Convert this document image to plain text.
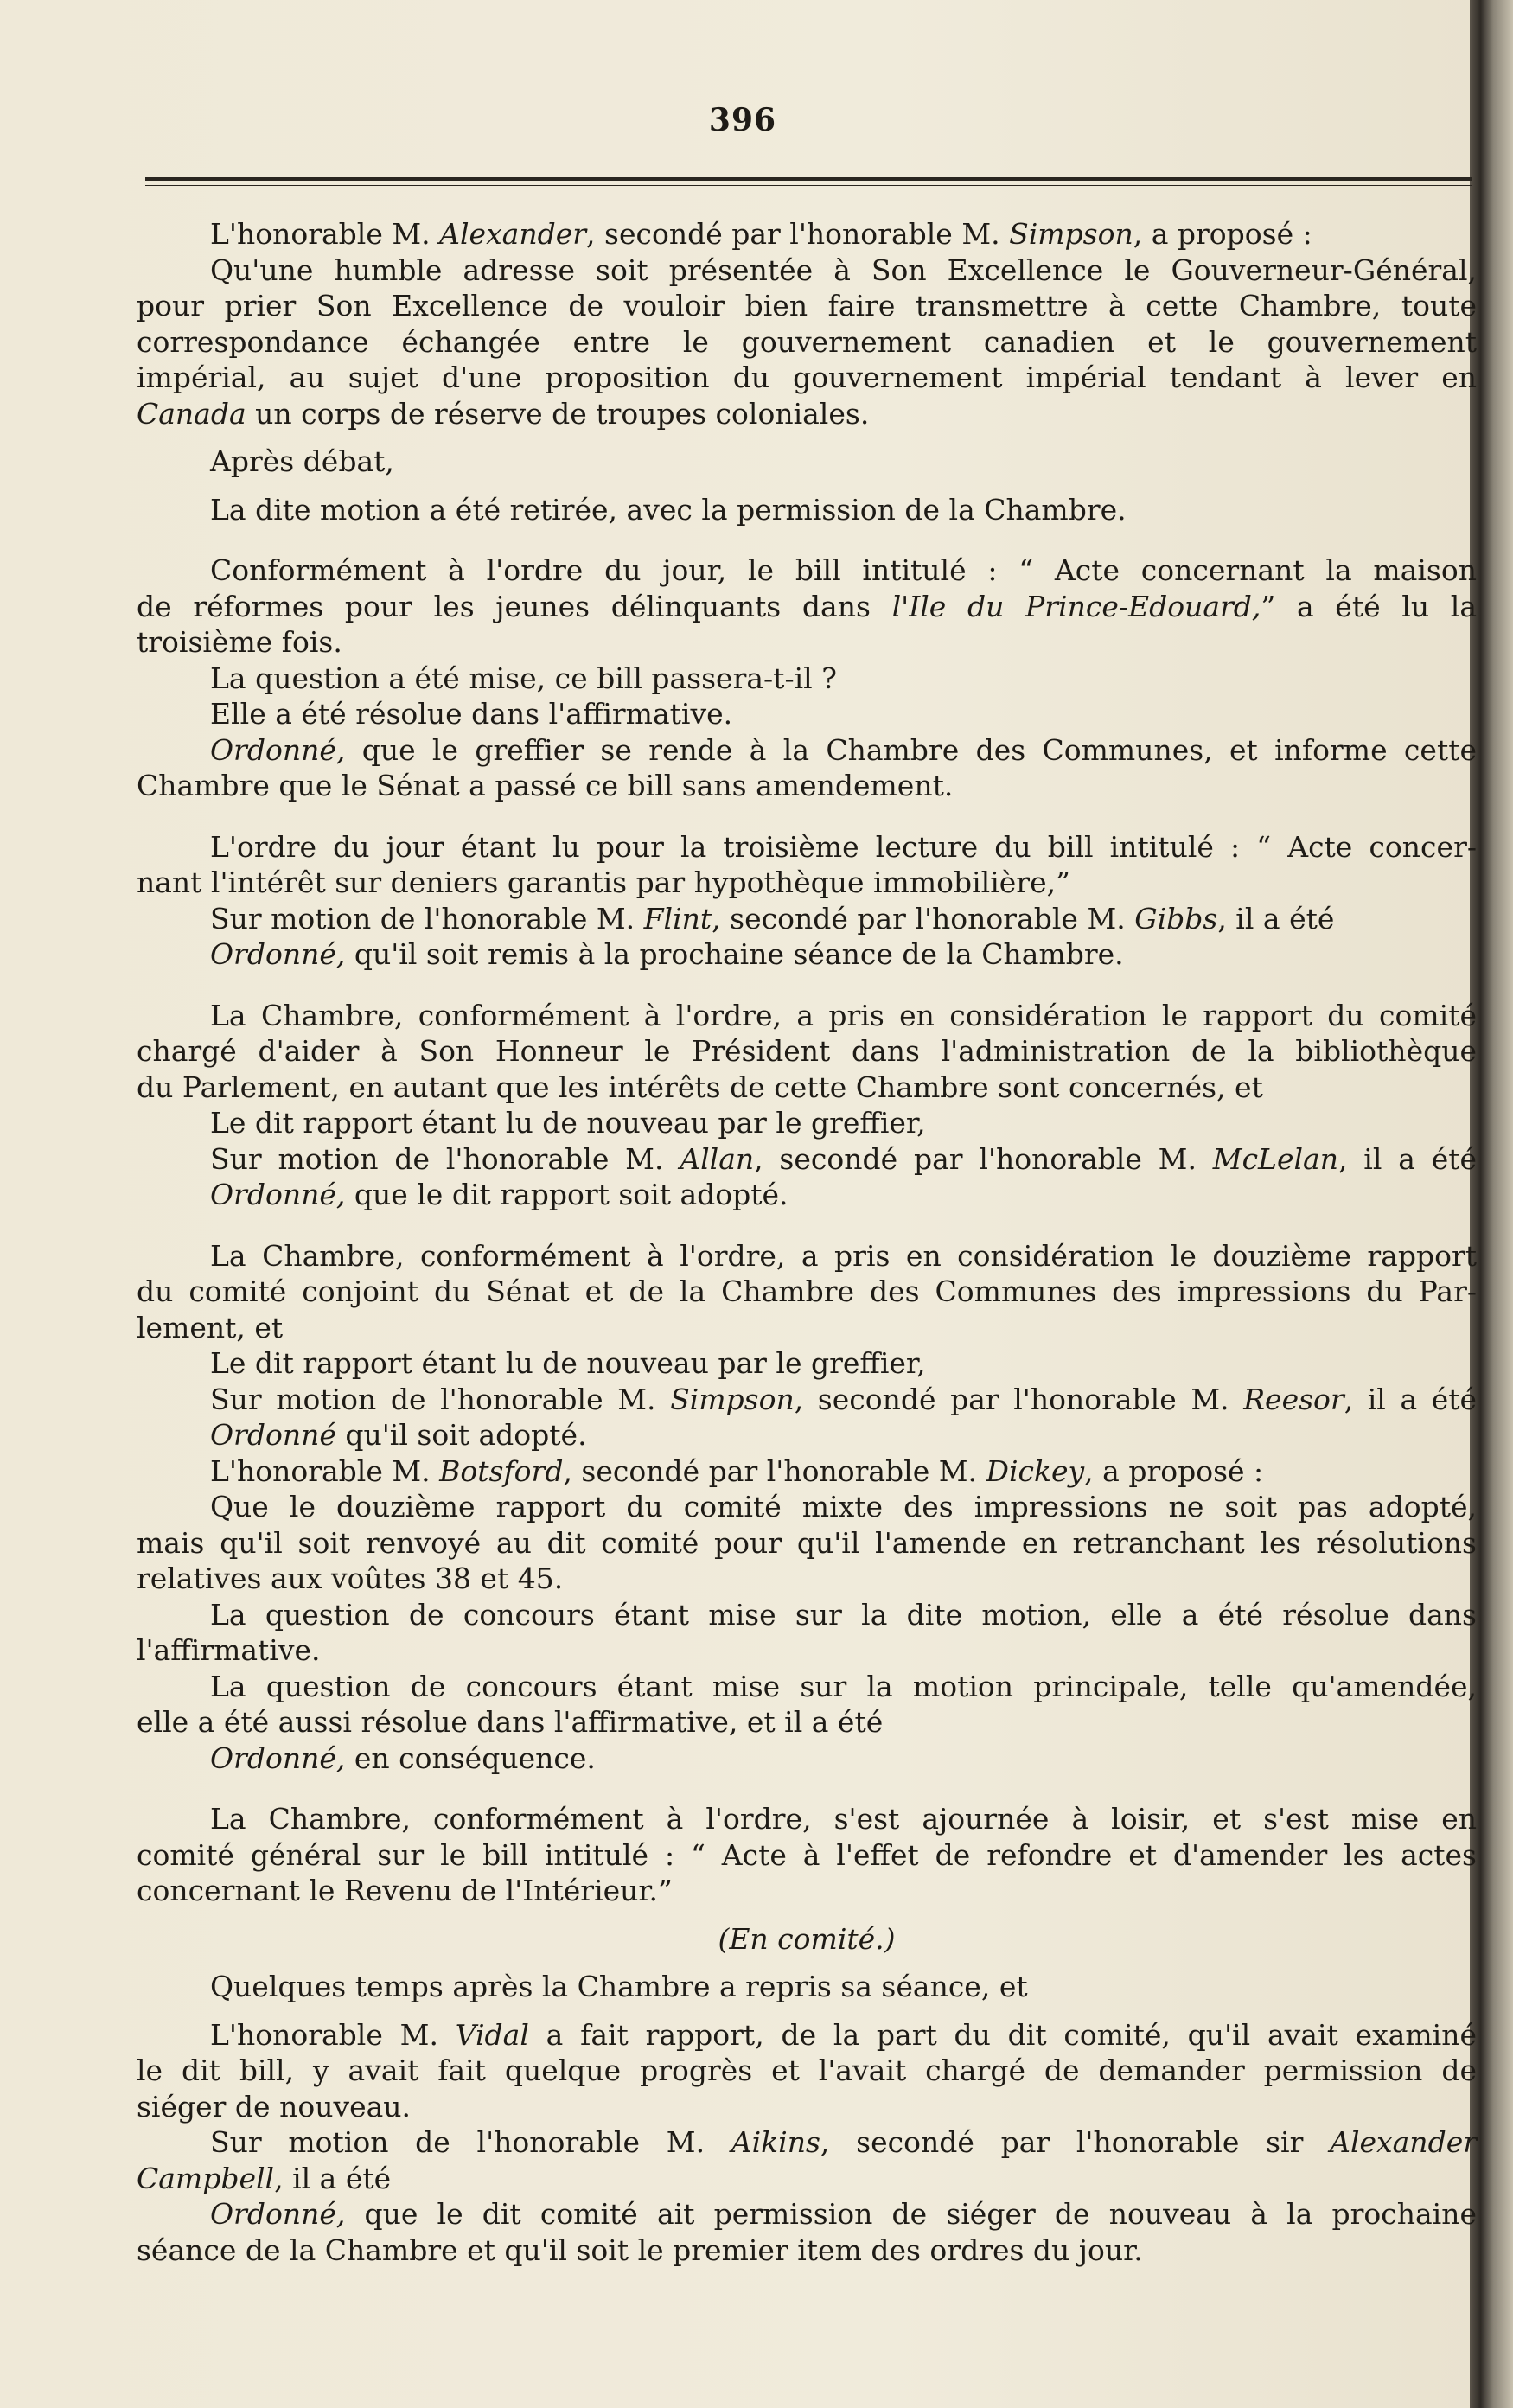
396

L'honorable M. Alexander, secondé par l'honorable M. Simpson, a proposé :

Qu'une humble adresse soit présentée à Son Excellence le Gouverneur-Général,

pour prier Son Excellence de vouloir bien faire transmettre à cette Chambre, toute

correspondance échangée entre le gouvernement canadien et le gouvernement

impérial, au sujet d'une proposition du gouvernement impérial tendant à lever en

Canada un corps de réserve de troupes coloniales.

Après débat,

La dite motion a été retirée, avec la permission de la Chambre.

Conformément à l'ordre du jour, le bill intitulé : “ Acte concernant la maison

de réformes pour les jeunes délinquants dans l'Ile du Prince-Edouard,” a été lu la

troisième fois.

La question a été mise, ce bill passera-t-il ?

Elle a été résolue dans l'affirmative.

Ordonné, que le greffier se rende à la Chambre des Communes, et informe cette

Chambre que le Sénat a passé ce bill sans amendement.

L'ordre du jour étant lu pour la troisième lecture du bill intitulé : “ Acte concer-

nant l'intérêt sur deniers garantis par hypothèque immobilière,”

Sur motion de l'honorable M. Flint, secondé par l'honorable M. Gibbs, il a été

Ordonné, qu'il soit remis à la prochaine séance de la Chambre.

La Chambre, conformément à l'ordre, a pris en considération le rapport du comité

chargé d'aider à Son Honneur le Président dans l'administration de la bibliothèque

du Parlement, en autant que les intérêts de cette Chambre sont concernés, et

Le dit rapport étant lu de nouveau par le greffier,

Sur motion de l'honorable M. Allan, secondé par l'honorable M. McLelan, il a été

Ordonné, que le dit rapport soit adopté.

La Chambre, conformément à l'ordre, a pris en considération le douzième rapport

du comité conjoint du Sénat et de la Chambre des Communes des impressions du Par-

lement, et

Le dit rapport étant lu de nouveau par le greffier,

Sur motion de l'honorable M. Simpson, secondé par l'honorable M. Reesor, il a été

Ordonné qu'il soit adopté.

L'honorable M. Botsford, secondé par l'honorable M. Dickey, a proposé :

Que le douzième rapport du comité mixte des impressions ne soit pas adopté,

mais qu'il soit renvoyé au dit comité pour qu'il l'amende en retranchant les résolutions

relatives aux voûtes 38 et 45.

La question de concours étant mise sur la dite motion, elle a été résolue dans

l'affirmative.

La question de concours étant mise sur la motion principale, telle qu'amendée,

elle a été aussi résolue dans l'affirmative, et il a été

Ordonné, en conséquence.

La Chambre, conformément à l'ordre, s'est ajournée à loisir, et s'est mise en

comité général sur le bill intitulé : “ Acte à l'effet de refondre et d'amender les actes

concernant le Revenu de l'Intérieur.”

(En comité.)

Quelques temps après la Chambre a repris sa séance, et

L'honorable M. Vidal a fait rapport, de la part du dit comité, qu'il avait examiné

le dit bill, y avait fait quelque progrès et l'avait chargé de demander permission de

siéger de nouveau.

Sur motion de l'honorable M. Aikins, secondé par l'honorable sir Alexander

Campbell, il a été

Ordonné, que le dit comité ait permission de siéger de nouveau à la prochaine

séance de la Chambre et qu'il soit le premier item des ordres du jour.
